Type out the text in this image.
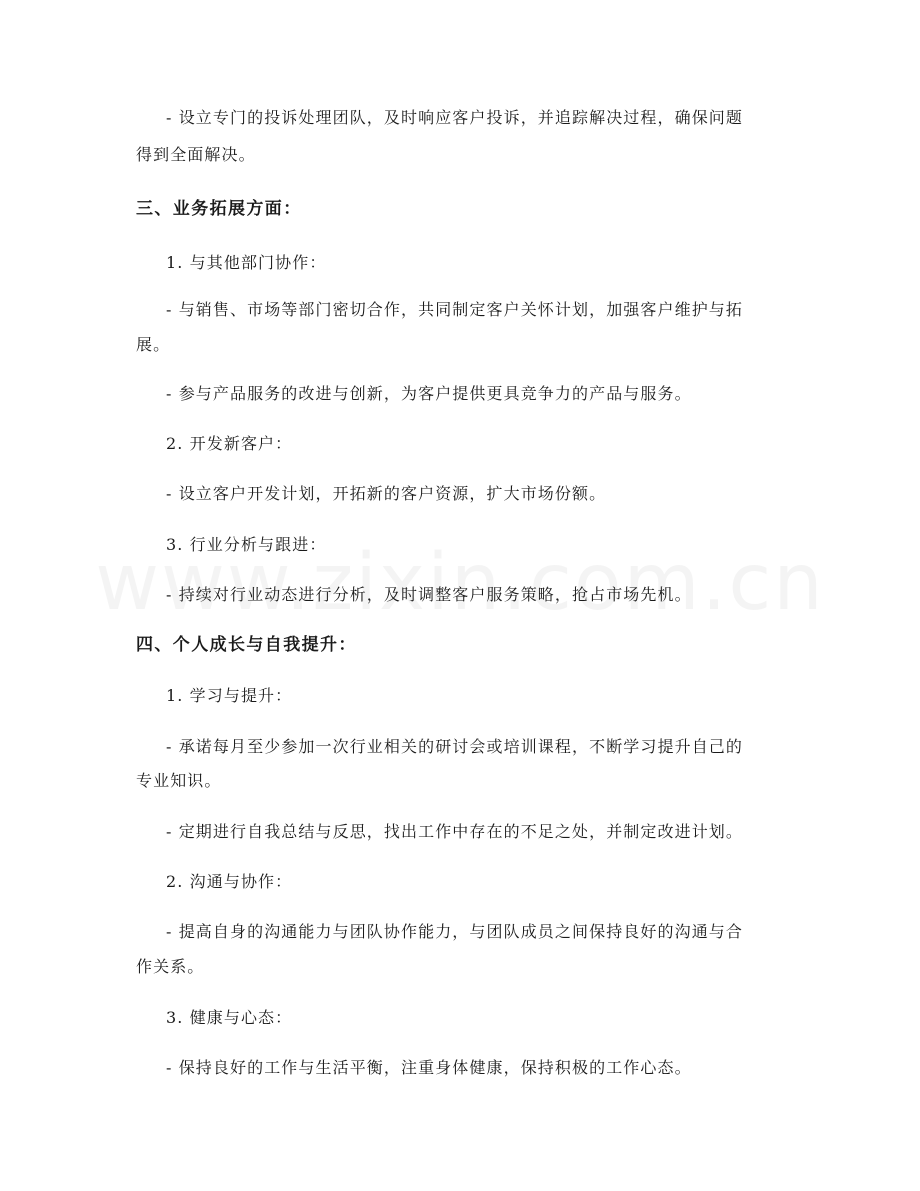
- 设立专门的投诉处理团队，及时响应客户投诉，并追踪解决过程，确保问题
得到全面解决。
三、业务拓展方面：
1. 与其他部门协作：
- 与销售、市场等部门密切合作，共同制定客户关怀计划，加强客户维护与拓
展。
- 参与产品服务的改进与创新，为客户提供更具竞争力的产品与服务。
2. 开发新客户：
- 设立客户开发计划，开拓新的客户资源，扩大市场份额。
3. 行业分析与跟进：
- 持续对行业动态进行分析，及时调整客户服务策略，抢占市场先机。
四、个人成长与自我提升：
1. 学习与提升：
- 承诺每月至少参加一次行业相关的研讨会或培训课程，不断学习提升自己的
专业知识。
- 定期进行自我总结与反思，找出工作中存在的不足之处，并制定改进计划。
2. 沟通与协作：
- 提高自身的沟通能力与团队协作能力，与团队成员之间保持良好的沟通与合
作关系。
3. 健康与心态：
- 保持良好的工作与生活平衡，注重身体健康，保持积极的工作心态。
